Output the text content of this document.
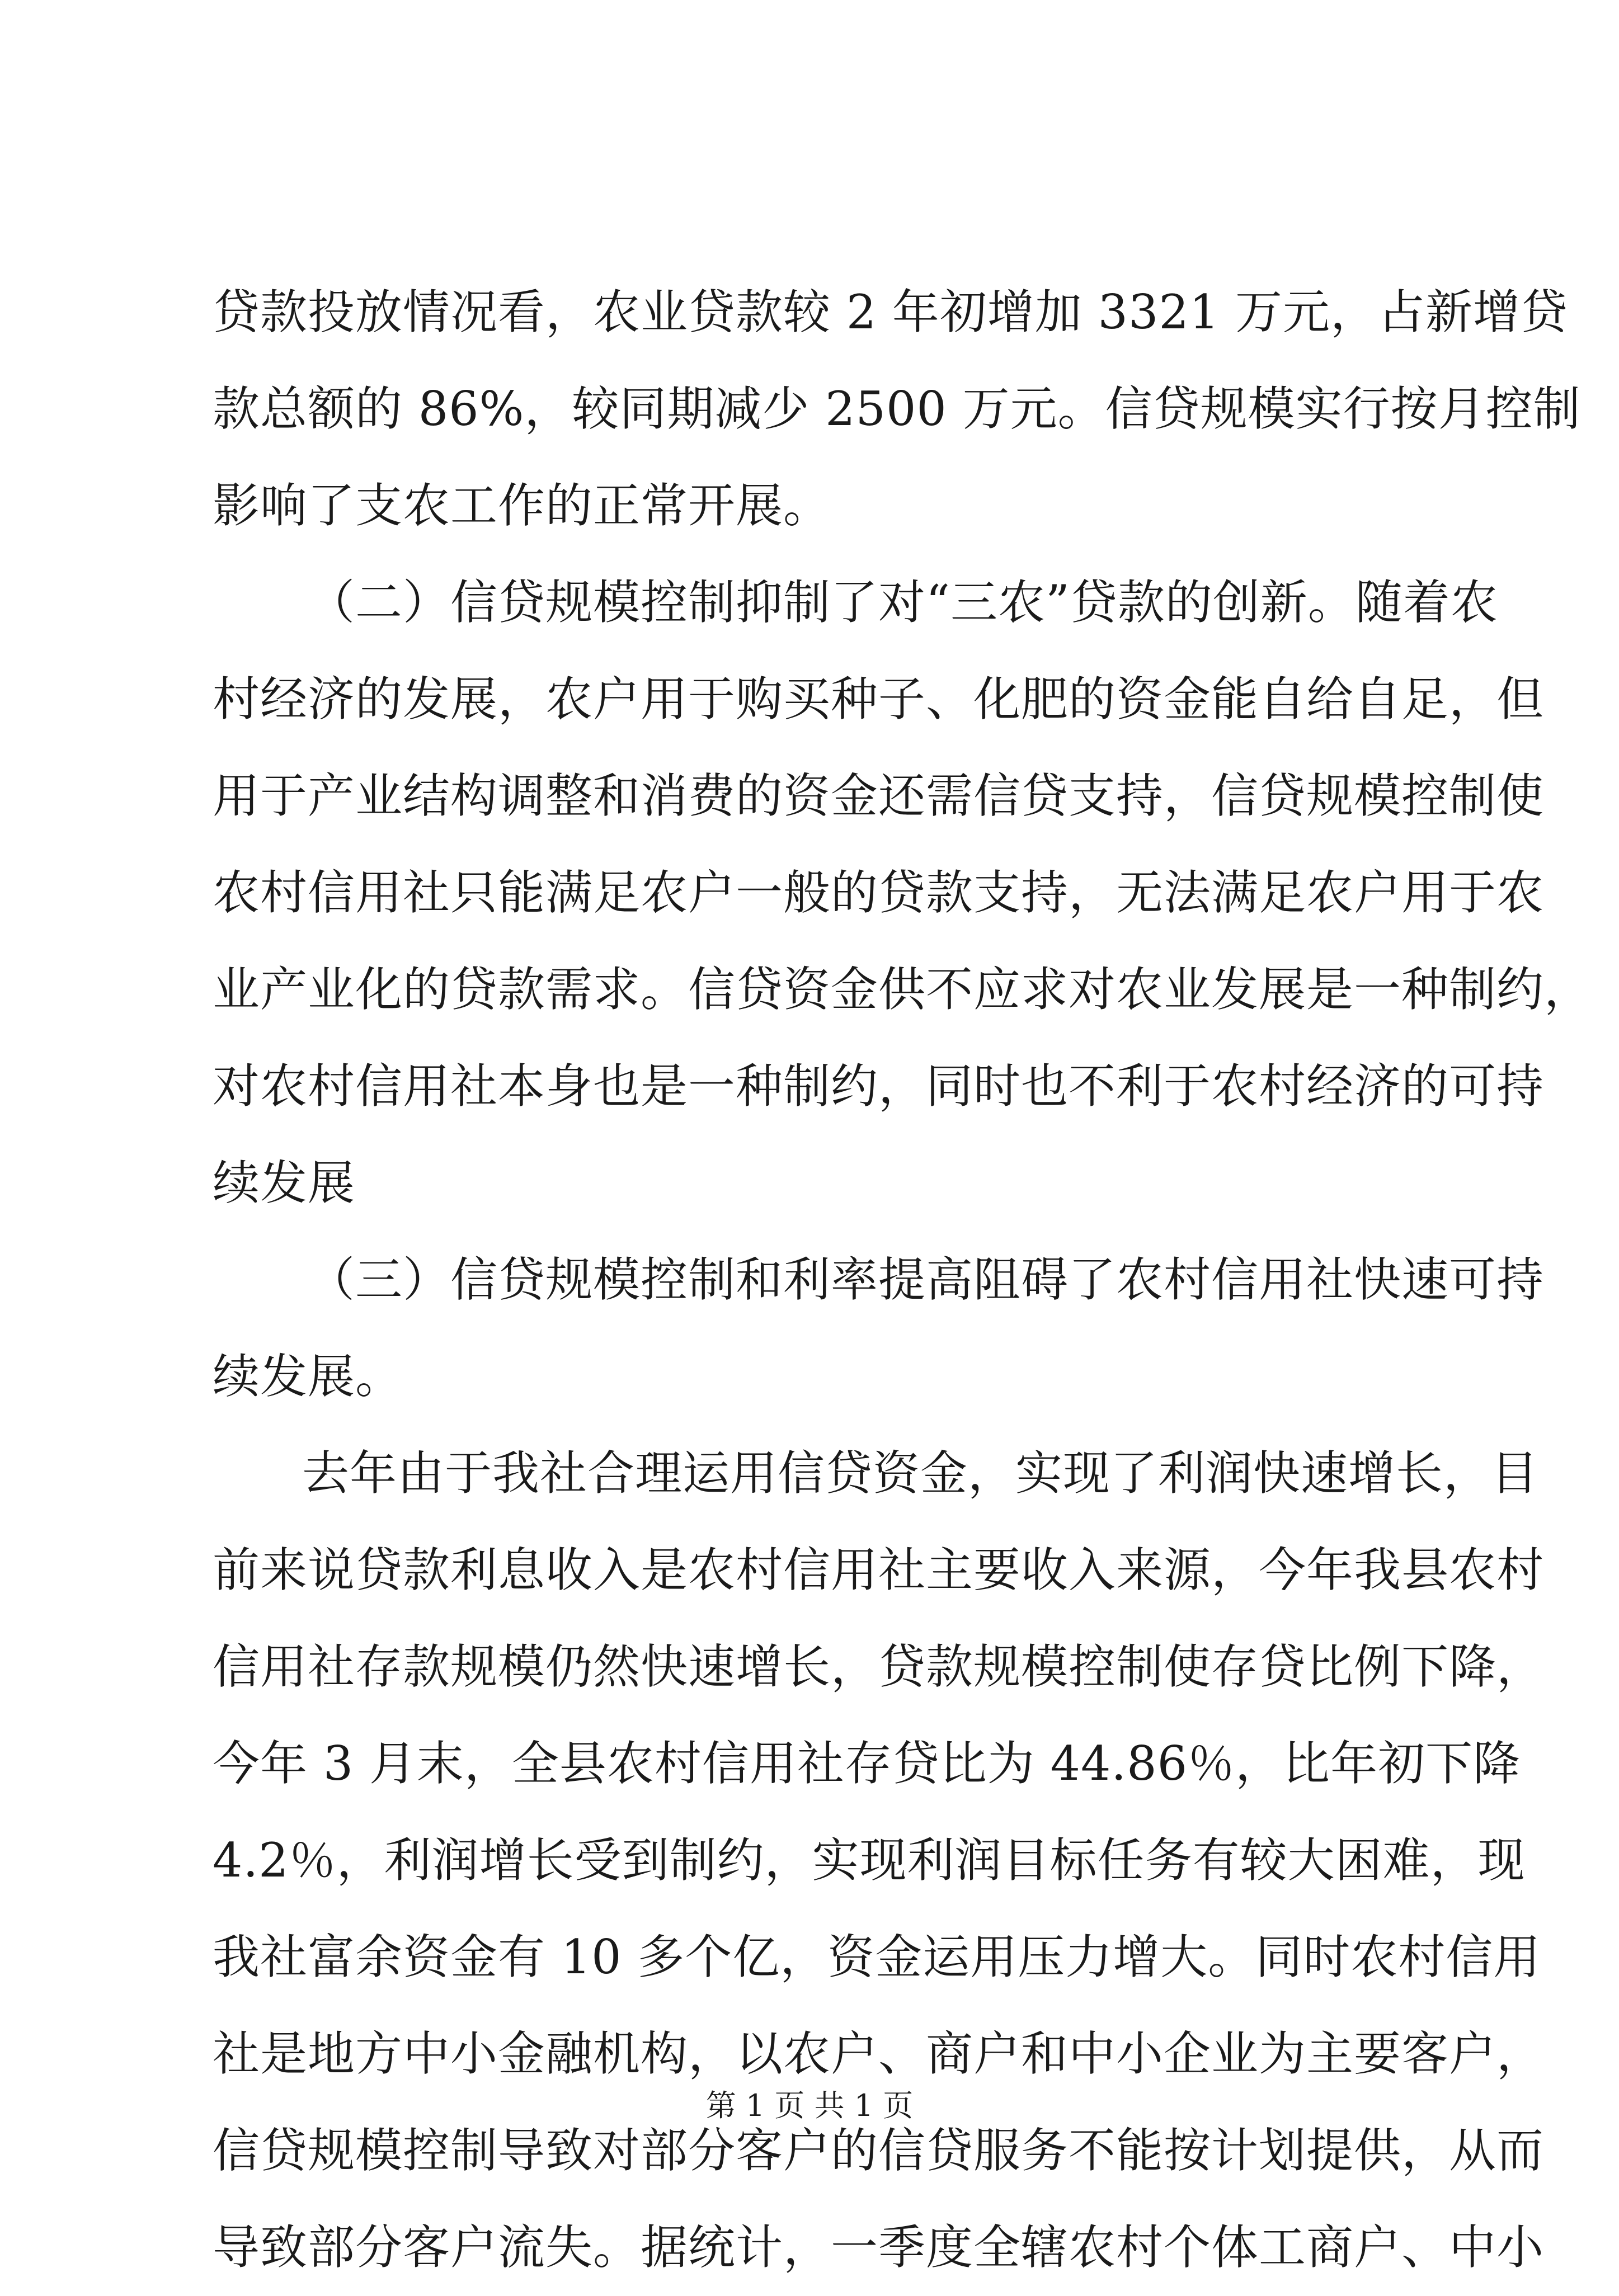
贷款投放情况看，农业贷款较 2 年初增加 3321 万元，占新增贷
款总额的 86%，较同期减少 2500 万元。信贷规模实行按月控制
影响了支农工作的正常开展。
（二）信贷规模控制抑制了对“三农”贷款的创新。随着农
村经济的发展，农户用于购买种子、化肥的资金能自给自足，但
用于产业结构调整和消费的资金还需信贷支持，信贷规模控制使
农村信用社只能满足农户一般的贷款支持，无法满足农户用于农
业产业化的贷款需求。信贷资金供不应求对农业发展是一种制约，
对农村信用社本身也是一种制约，同时也不利于农村经济的可持
续发展
（三）信贷规模控制和利率提高阻碍了农村信用社快速可持
续发展。
去年由于我社合理运用信贷资金，实现了利润快速增长，目
前来说贷款利息收入是农村信用社主要收入来源，今年我县农村
信用社存款规模仍然快速增长，贷款规模控制使存贷比例下降，
今年 3 月末，全县农村信用社存贷比为 44.86％，比年初下降
4.2％，利润增长受到制约，实现利润目标任务有较大困难，现
我社富余资金有 10 多个亿，资金运用压力增大。同时农村信用
社是地方中小金融机构，以农户、商户和中小企业为主要客户，
信贷规模控制导致对部分客户的信贷服务不能按计划提供，从而
导致部分客户流失。据统计，一季度全辖农村个体工商户、中小
第 1 页 共 1 页
